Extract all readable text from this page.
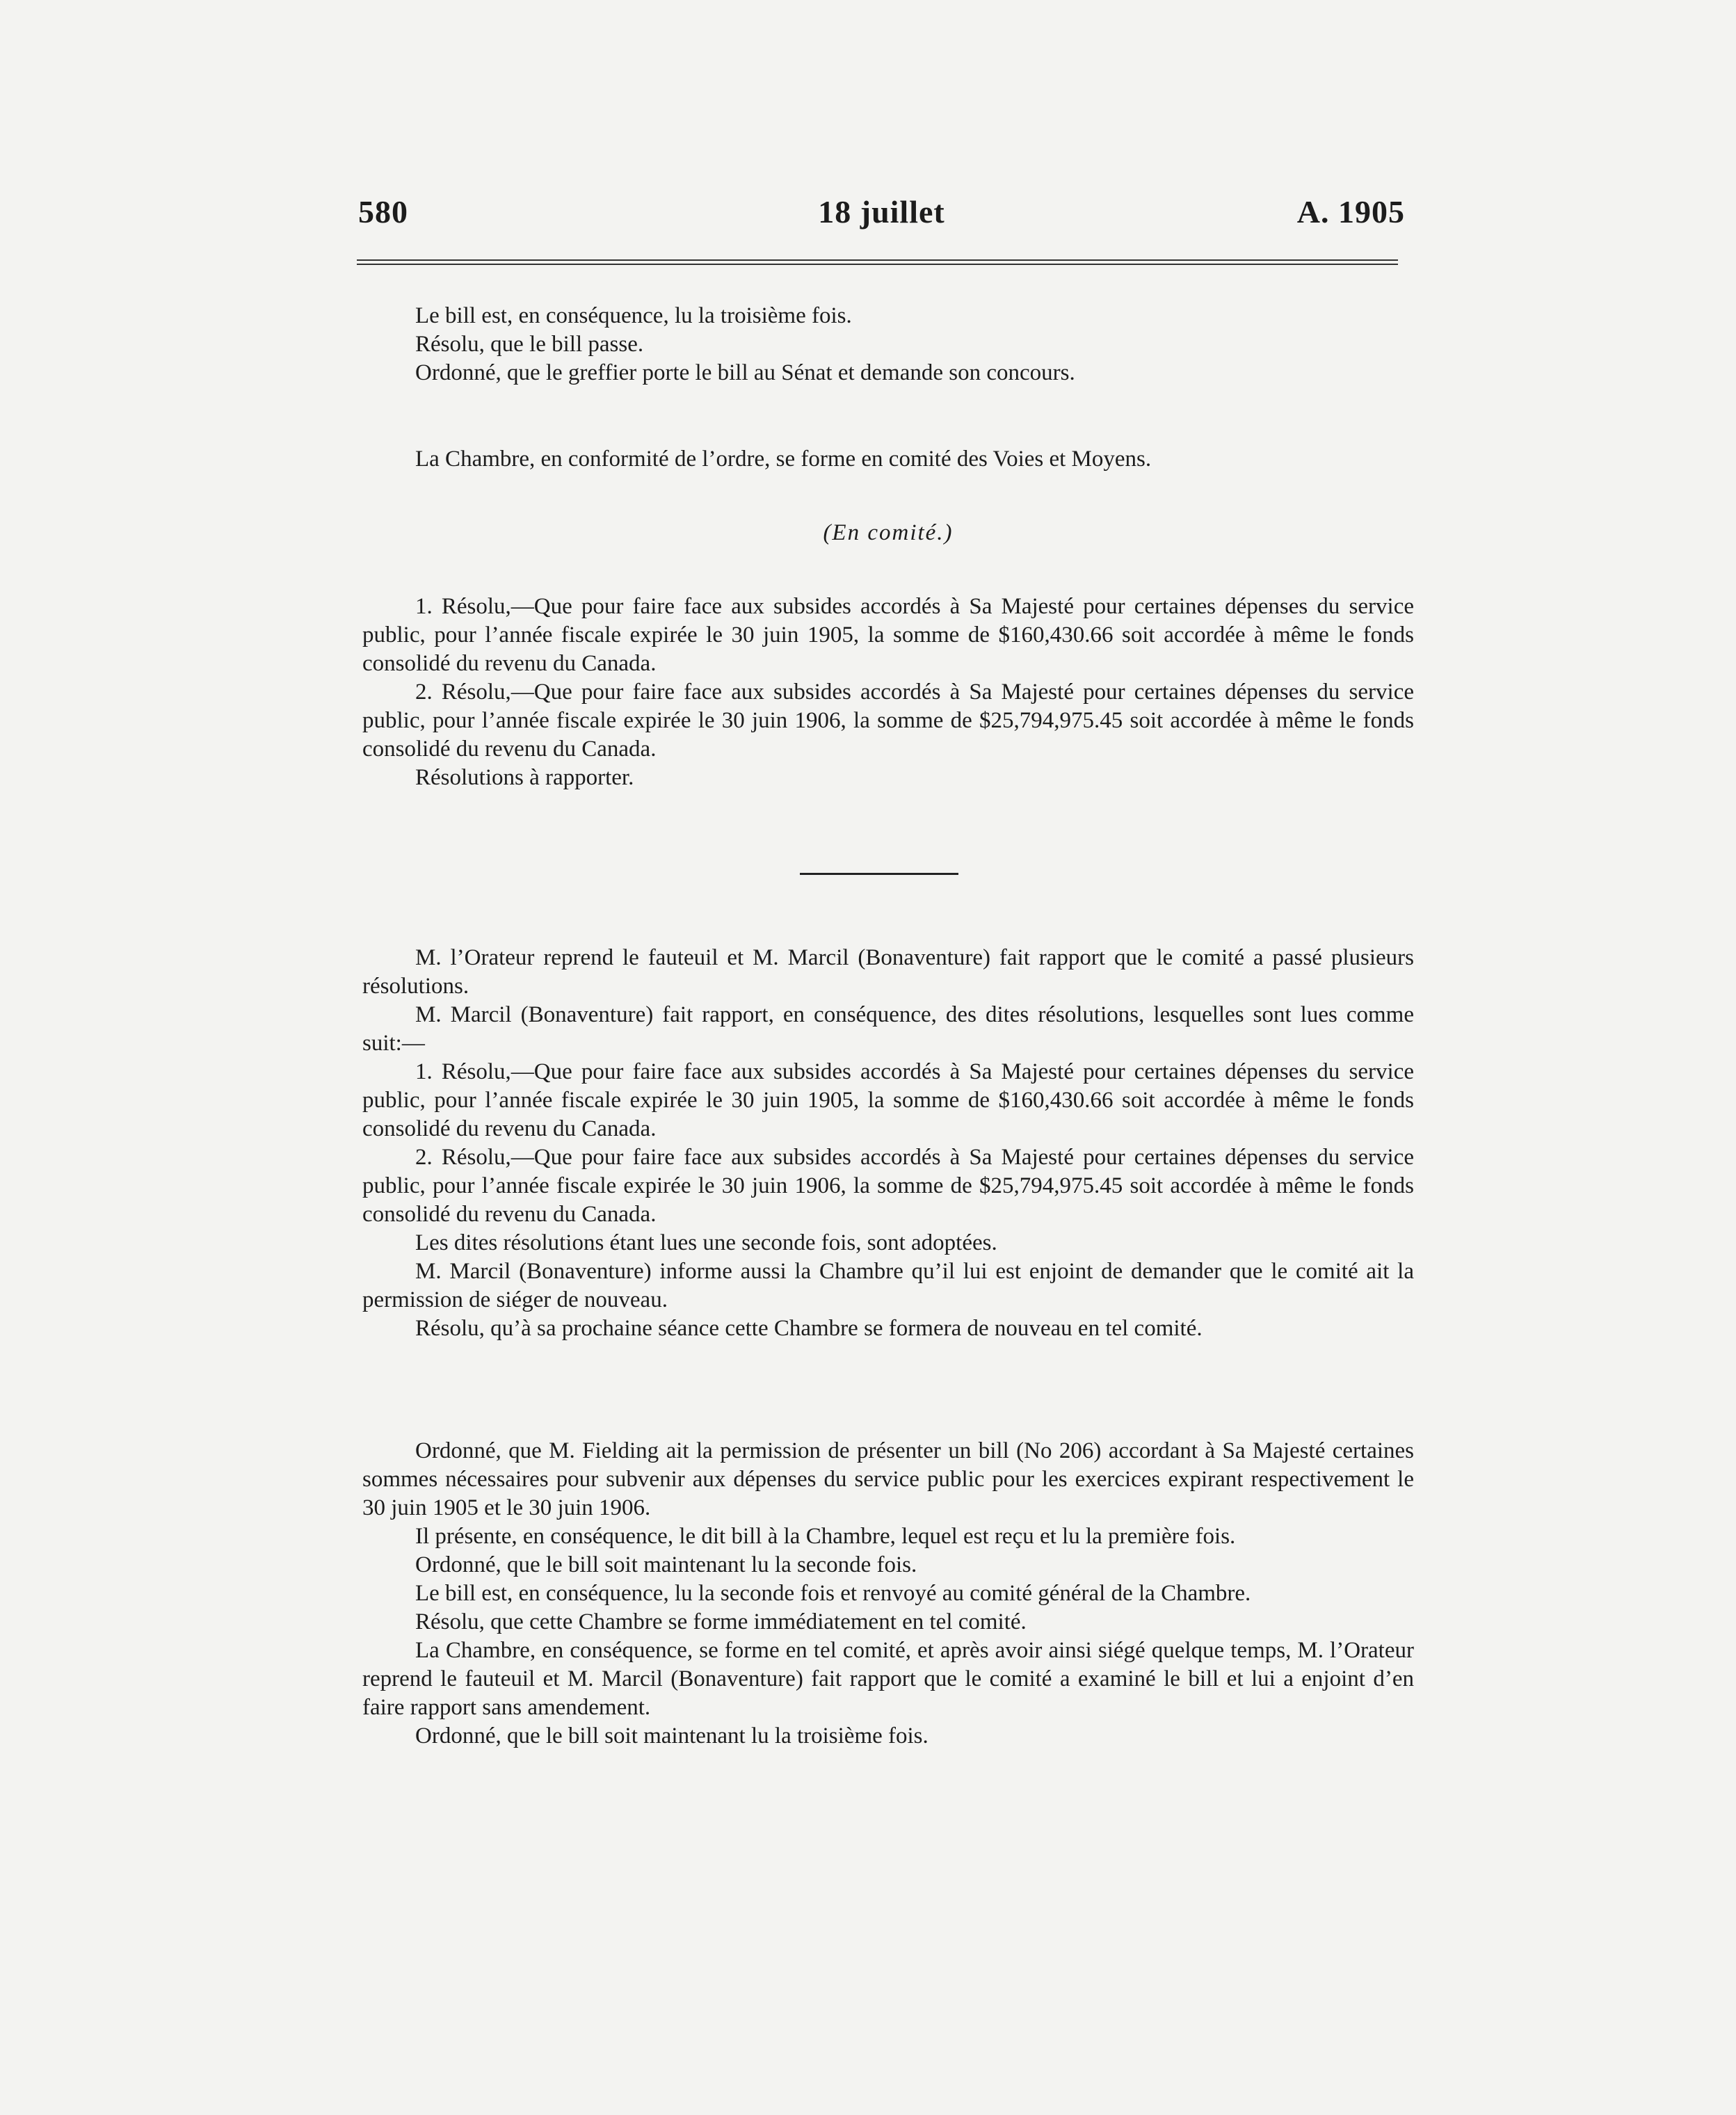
580	18 juillet	A. 1905

Le bill est, en conséquence, lu la troisième fois.

Résolu, que le bill passe.

Ordonné, que le greffier porte le bill au Sénat et demande son concours.

La Chambre, en conformité de l’ordre, se forme en comité des Voies et Moyens.

(En comité.)

1. Résolu,—Que pour faire face aux subsides accordés à Sa Majesté pour certaines dépenses du service public, pour l’année fiscale expirée le 30 juin 1905, la somme de $160,430.66 soit accordée à même le fonds consolidé du revenu du Canada.

2. Résolu,—Que pour faire face aux subsides accordés à Sa Majesté pour certaines dépenses du service public, pour l’année fiscale expirée le 30 juin 1906, la somme de $25,794,975.45 soit accordée à même le fonds consolidé du revenu du Canada.

Résolutions à rapporter.

M. l’Orateur reprend le fauteuil et M. Marcil (Bonaventure) fait rapport que le comité a passé plusieurs résolutions.

M. Marcil (Bonaventure) fait rapport, en conséquence, des dites résolutions, lesquelles sont lues comme suit:—

1. Résolu,—Que pour faire face aux subsides accordés à Sa Majesté pour certaines dépenses du service public, pour l’année fiscale expirée le 30 juin 1905, la somme de $160,430.66 soit accordée à même le fonds consolidé du revenu du Canada.

2. Résolu,—Que pour faire face aux subsides accordés à Sa Majesté pour certaines dépenses du service public, pour l’année fiscale expirée le 30 juin 1906, la somme de $25,794,975.45 soit accordée à même le fonds consolidé du revenu du Canada.

Les dites résolutions étant lues une seconde fois, sont adoptées.

M. Marcil (Bonaventure) informe aussi la Chambre qu’il lui est enjoint de demander que le comité ait la permission de siéger de nouveau.

Résolu, qu’à sa prochaine séance cette Chambre se formera de nouveau en tel comité.

Ordonné, que M. Fielding ait la permission de présenter un bill (No 206) accordant à Sa Majesté certaines sommes nécessaires pour subvenir aux dépenses du service public pour les exercices expirant respectivement le 30 juin 1905 et le 30 juin 1906.

Il présente, en conséquence, le dit bill à la Chambre, lequel est reçu et lu la première fois.

Ordonné, que le bill soit maintenant lu la seconde fois.

Le bill est, en conséquence, lu la seconde fois et renvoyé au comité général de la Chambre.

Résolu, que cette Chambre se forme immédiatement en tel comité.

La Chambre, en conséquence, se forme en tel comité, et après avoir ainsi siégé quelque temps, M. l’Orateur reprend le fauteuil et M. Marcil (Bonaventure) fait rapport que le comité a examiné le bill et lui a enjoint d’en faire rapport sans amendement.

Ordonné, que le bill soit maintenant lu la troisième fois.
